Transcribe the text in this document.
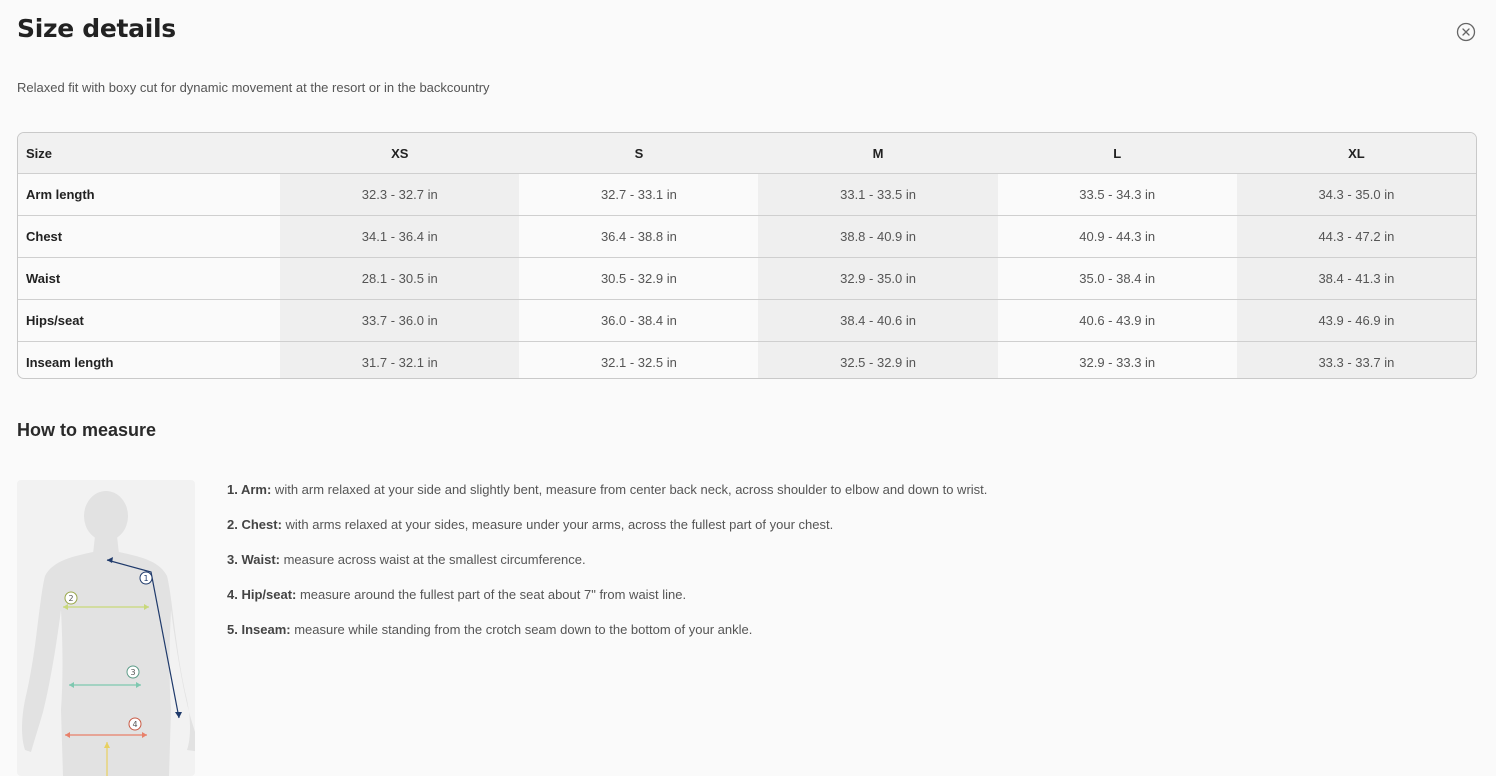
Size details
Relaxed fit with boxy cut for dynamic movement at the resort or in the backcountry
Size	XS	S	M	L	XL
Arm length	32.3 - 32.7 in	32.7 - 33.1 in	33.1 - 33.5 in	33.5 - 34.3 in	34.3 - 35.0 in
Chest	34.1 - 36.4 in	36.4 - 38.8 in	38.8 - 40.9 in	40.9 - 44.3 in	44.3 - 47.2 in
Waist	28.1 - 30.5 in	30.5 - 32.9 in	32.9 - 35.0 in	35.0 - 38.4 in	38.4 - 41.3 in
Hips/seat	33.7 - 36.0 in	36.0 - 38.4 in	38.4 - 40.6 in	40.6 - 43.9 in	43.9 - 46.9 in
Inseam length	31.7 - 32.1 in	32.1 - 32.5 in	32.5 - 32.9 in	32.9 - 33.3 in	33.3 - 33.7 in
How to measure
1
2
3
4
1. Arm: with arm relaxed at your side and slightly bent, measure from center back neck, across shoulder to elbow and down to wrist.
2. Chest: with arms relaxed at your sides, measure under your arms, across the fullest part of your chest.
3. Waist: measure across waist at the smallest circumference.
4. Hip/seat: measure around the fullest part of the seat about 7" from waist line.
5. Inseam: measure while standing from the crotch seam down to the bottom of your ankle.
